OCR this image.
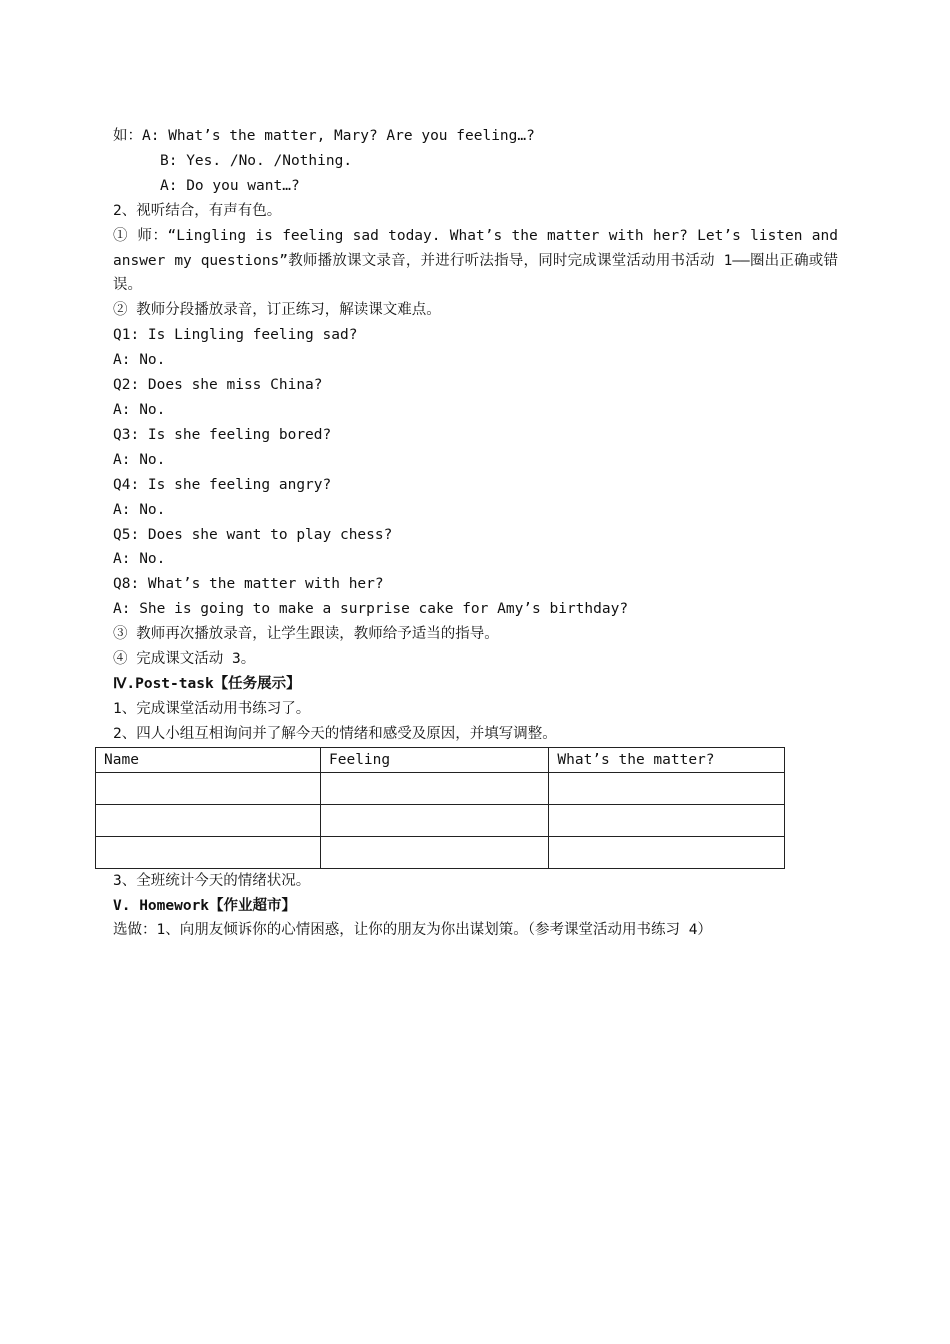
如：A: What’s the matter, Mary? Are you feeling…?

B: Yes. /No. /Nothing.

A: Do you want…?

2、视听结合，有声有色。

① 师：“Lingling is feeling sad today. What’s the matter with her? Let’s listen and answer my questions”教师播放课文录音，并进行听法指导，同时完成课堂活动用书活动 1——圈出正确或错误。

② 教师分段播放录音，订正练习，解读课文难点。

Q1: Is Lingling feeling sad?

A: No.

Q2: Does she miss China?

A: No.

Q3: Is she feeling bored?

A: No.

Q4: Is she feeling angry?

A: No.

Q5: Does she want to play chess?

A: No.

Q8: What’s the matter with her?

A: She is going to make a surprise cake for Amy’s birthday?

③ 教师再次播放录音，让学生跟读，教师给予适当的指导。

④ 完成课文活动 3。

Ⅳ.Post-task【任务展示】

1、完成课堂活动用书练习了。

2、四人小组互相询问并了解今天的情绪和感受及原因，并填写调整。

Name	Feeling	What’s the matter?

3、全班统计今天的情绪状况。

V. Homework【作业超市】

选做：1、向朋友倾诉你的心情困惑，让你的朋友为你出谋划策。（参考课堂活动用书练习 4）
